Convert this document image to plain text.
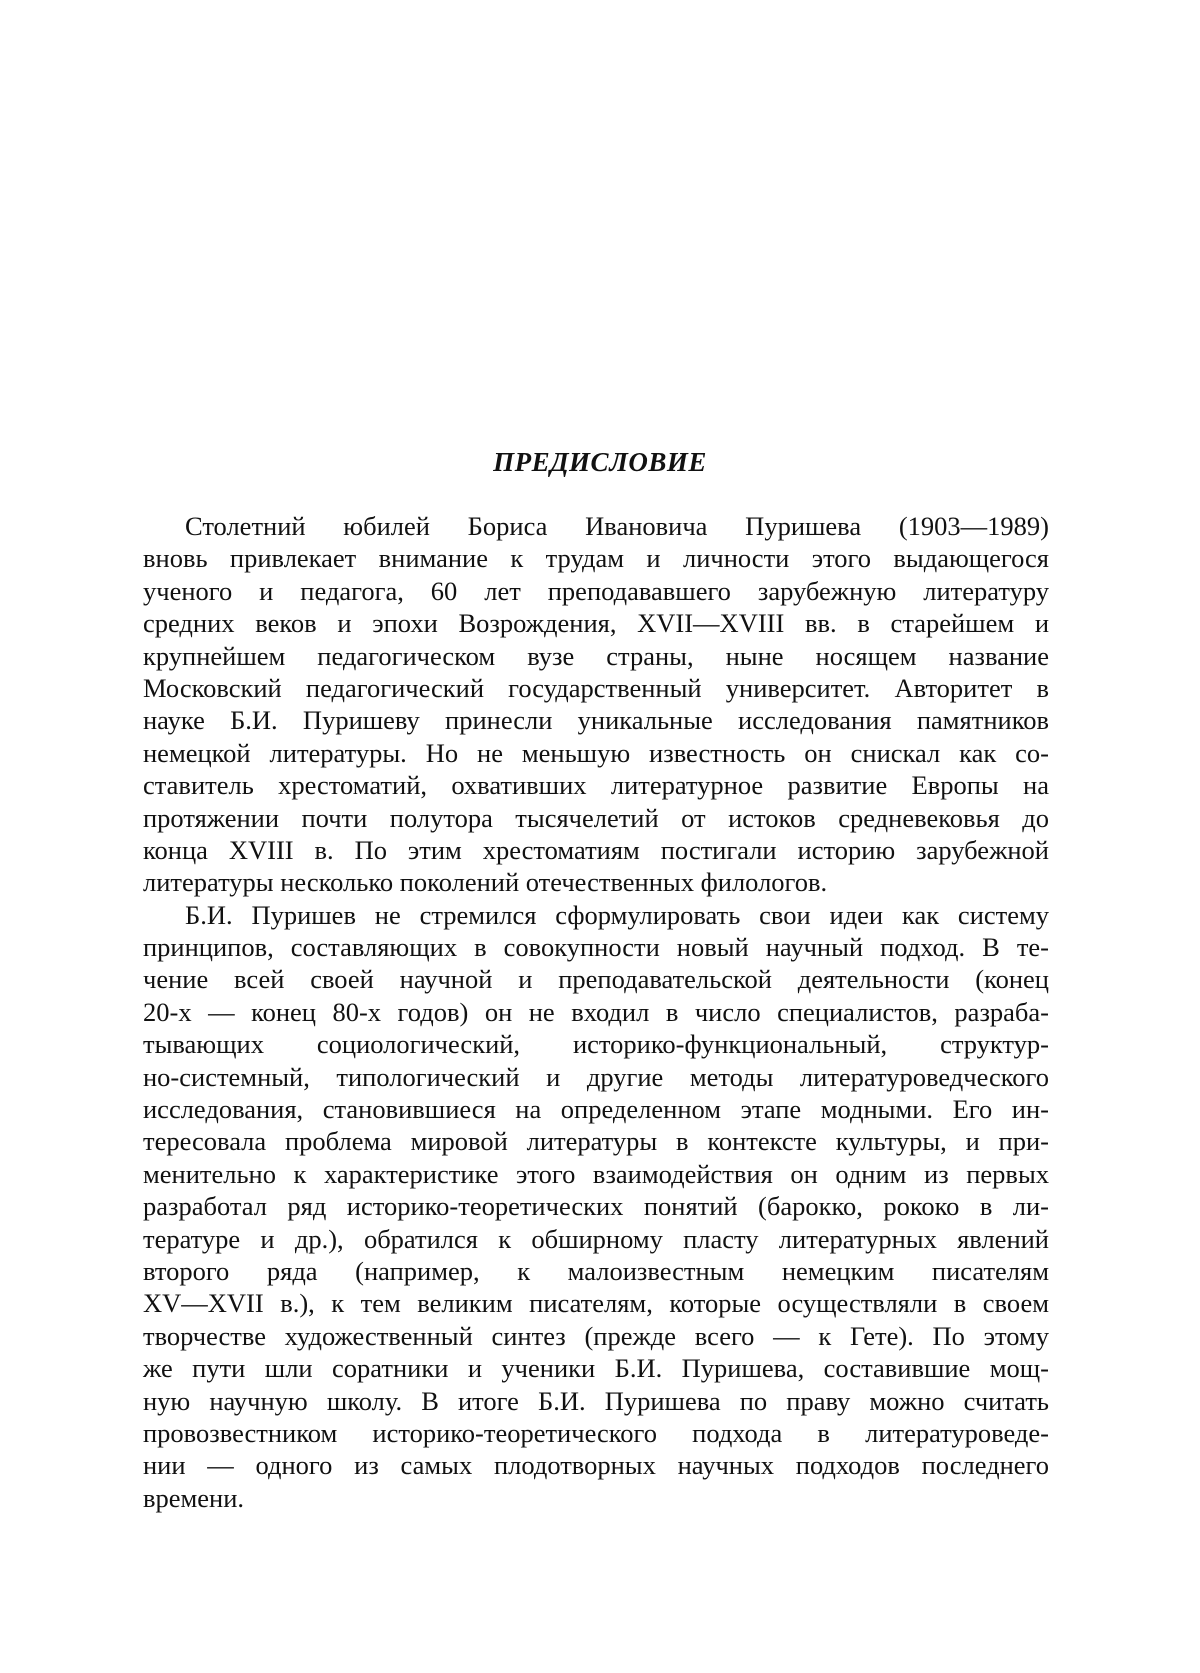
ПРЕДИСЛОВИЕ
Столетний юбилей Бориса Ивановича Пуришева (1903—1989)
вновь привлекает внимание к трудам и личности этого выдающегося
ученого и педагога, 60 лет преподававшего зарубежную литературу
средних веков и эпохи Возрождения, XVII—XVIII вв. в старейшем и
крупнейшем педагогическом вузе страны, ныне носящем название
Московский педагогический государственный университет. Авторитет в
науке Б.И. Пуришеву принесли уникальные исследования памятников
немецкой литературы. Но не меньшую известность он снискал как со-
ставитель хрестоматий, охвативших литературное развитие Европы на
протяжении почти полутора тысячелетий от истоков средневековья до
конца XVIII в. По этим хрестоматиям постигали историю зарубежной
литературы несколько поколений отечественных филологов.
Б.И. Пуришев не стремился сформулировать свои идеи как систему
принципов, составляющих в совокупности новый научный подход. В те-
чение всей своей научной и преподавательской деятельности (конец
20-х — конец 80-х годов) он не входил в число специалистов, разраба-
тывающих социологический, историко-функциональный, структур-
но-системный, типологический и другие методы литературоведческого
исследования, становившиеся на определенном этапе модными. Его ин-
тересовала проблема мировой литературы в контексте культуры, и при-
менительно к характеристике этого взаимодействия он одним из первых
разработал ряд историко-теоретических понятий (барокко, рококо в ли-
тературе и др.), обратился к обширному пласту литературных явлений
второго ряда (например, к малоизвестным немецким писателям
XV—XVII в.), к тем великим писателям, которые осуществляли в своем
творчестве художественный синтез (прежде всего — к Гете). По этому
же пути шли соратники и ученики Б.И. Пуришева, составившие мощ-
ную научную школу. В итоге Б.И. Пуришева по праву можно считать
провозвестником историко-теоретического подхода в литературоведе-
нии — одного из самых плодотворных научных подходов последнего
времени.
